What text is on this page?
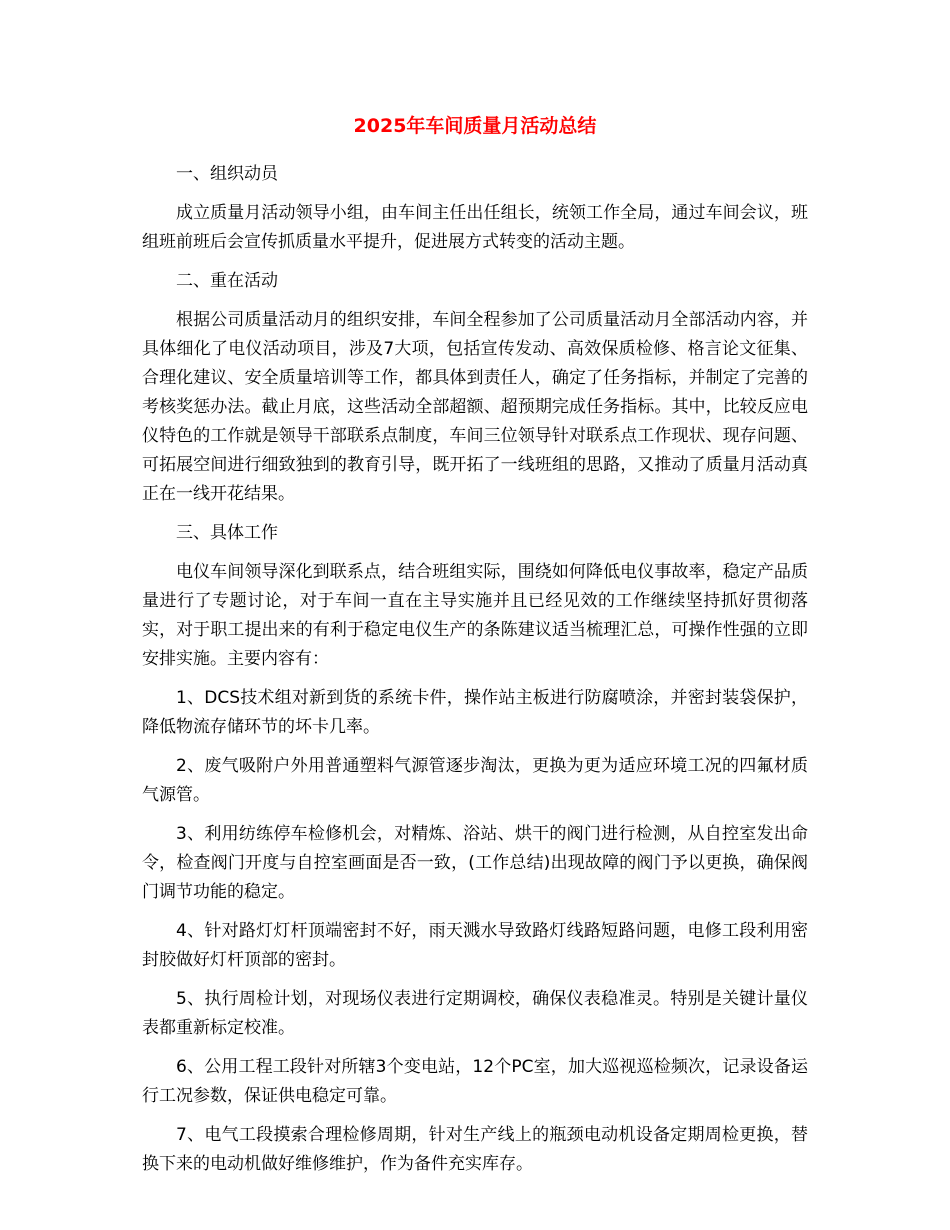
2025年车间质量月活动总结

一、组织动员

成立质量月活动领导小组，由车间主任出任组长，统领工作全局，通过车间会议，班组班前班后会宣传抓质量水平提升，促进展方式转变的活动主题。

二、重在活动

根据公司质量活动月的组织安排，车间全程参加了公司质量活动月全部活动内容，并具体细化了电仪活动项目，涉及7大项，包括宣传发动、高效保质检修、格言论文征集、合理化建议、安全质量培训等工作，都具体到责任人，确定了任务指标，并制定了完善的考核奖惩办法。截止月底，这些活动全部超额、超预期完成任务指标。其中，比较反应电仪特色的工作就是领导干部联系点制度，车间三位领导针对联系点工作现状、现存问题、可拓展空间进行细致独到的教育引导，既开拓了一线班组的思路，又推动了质量月活动真正在一线开花结果。

三、具体工作

电仪车间领导深化到联系点，结合班组实际，围绕如何降低电仪事故率，稳定产品质量进行了专题讨论，对于车间一直在主导实施并且已经见效的工作继续坚持抓好贯彻落实，对于职工提出来的有利于稳定电仪生产的条陈建议适当梳理汇总，可操作性强的立即安排实施。主要内容有：

1、DCS技术组对新到货的系统卡件，操作站主板进行防腐喷涂，并密封装袋保护，降低物流存储环节的坏卡几率。

2、废气吸附户外用普通塑料气源管逐步淘汰，更换为更为适应环境工况的四氟材质气源管。

3、利用纺练停车检修机会，对精炼、浴站、烘干的阀门进行检测，从自控室发出命令，检查阀门开度与自控室画面是否一致，(工作总结)出现故障的阀门予以更换，确保阀门调节功能的稳定。

4、针对路灯灯杆顶端密封不好，雨天溅水导致路灯线路短路问题，电修工段利用密封胶做好灯杆顶部的密封。

5、执行周检计划，对现场仪表进行定期调校，确保仪表稳准灵。特别是关键计量仪表都重新标定校准。

6、公用工程工段针对所辖3个变电站，12个PC室，加大巡视巡检频次，记录设备运行工况参数，保证供电稳定可靠。

7、电气工段摸索合理检修周期，针对生产线上的瓶颈电动机设备定期周检更换，替换下来的电动机做好维修维护，作为备件充实库存。
